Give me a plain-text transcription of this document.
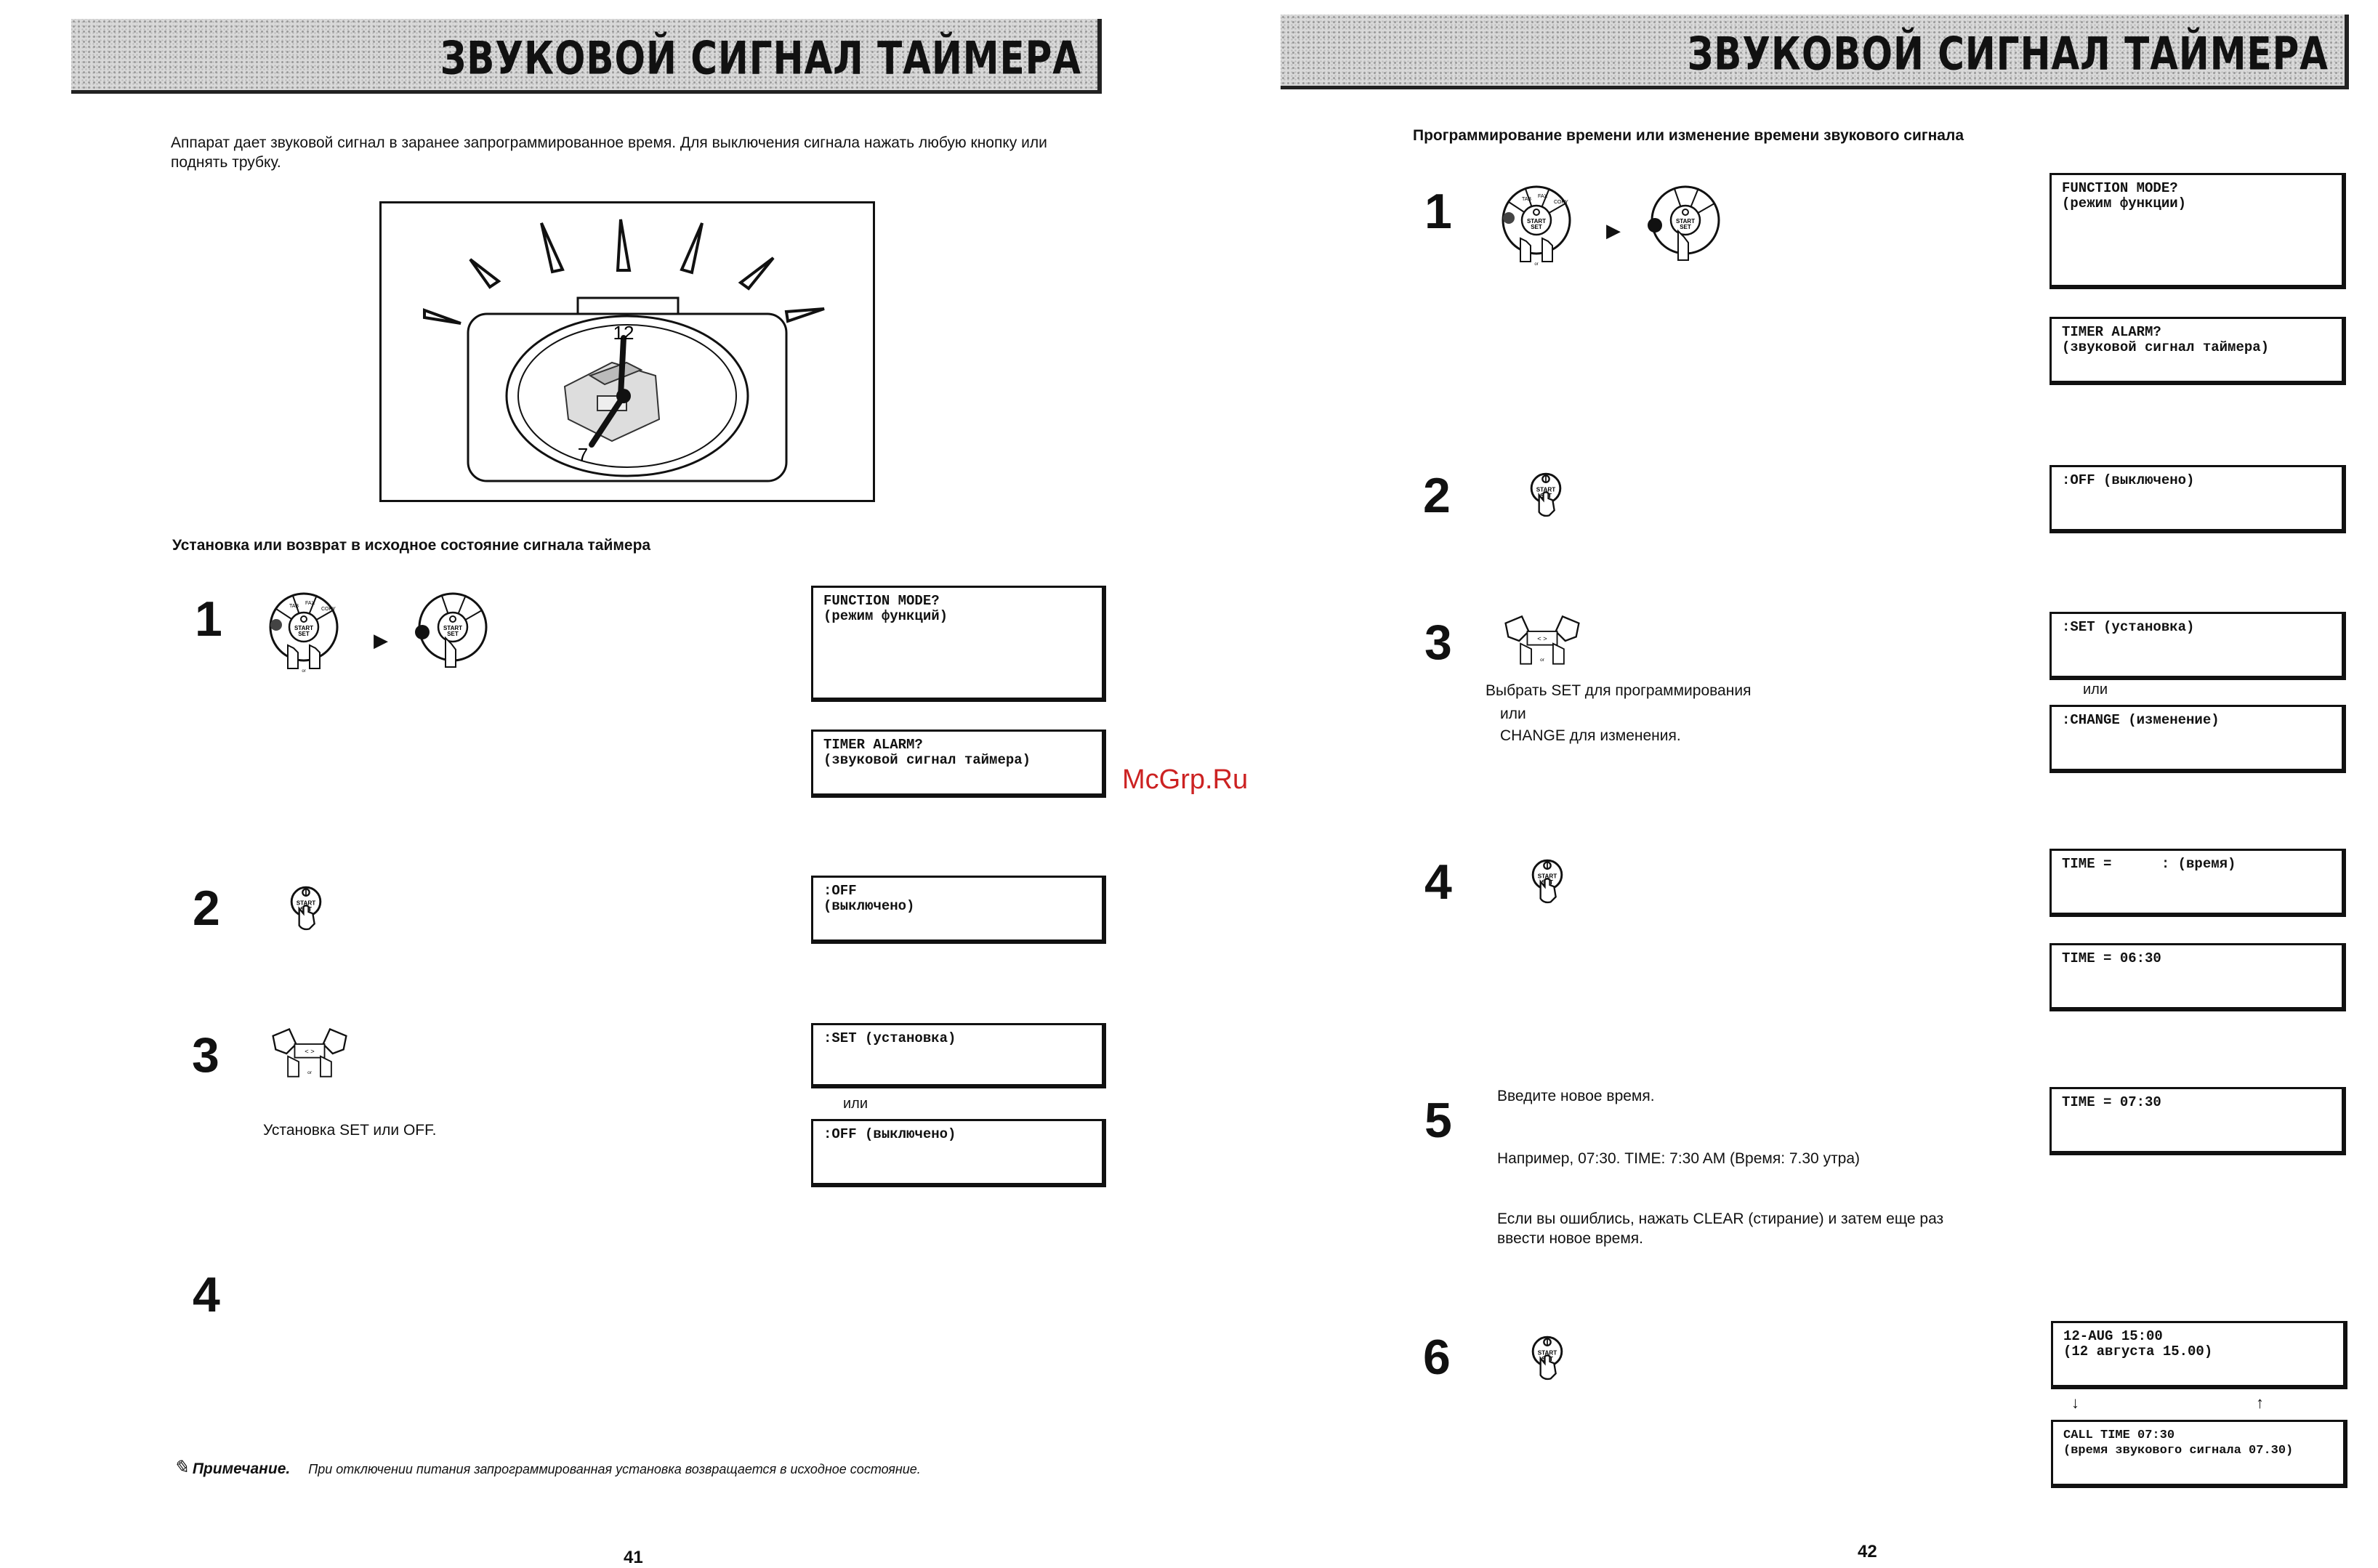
ЗВУКОВОЙ СИГНАЛ ТАЙМЕРА
Аппарат дает звуковой сигнал в заранее запрограммированное время. Для выключения сигнала нажать любую кнопку или поднять трубку.
12
7
Установка или возврат в исходное состояние сигнала таймера
1	▶
FUNCTION MODE?
(режим функций)
TIMER ALARM?
(звуковой сигнал таймера)
2	:OFF
(выключено)
3	:SET (установка)
или
:OFF (выключено)
Установка SET или OFF.
4
✎ Примечание. При отключении питания запрограммированная установка возвращается в исходное состояние.
41
ЗВУКОВОЙ СИГНАЛ ТАЙМЕРА
Программирование времени или изменение времени звукового сигнала
1	▶
FUNCTION MODE?
(режим функции)
TIMER ALARM?
(звуковой сигнал таймера)
2	:OFF (выключено)
3	:SET (установка)
или
:CHANGE (изменение)
Выбрать SET для программирования
или
CHANGE для изменения.
4	TIME =      : (время)
TIME = 06:30
5	TIME = 07:30
Введите новое время.
Например, 07:30. TIME: 7:30 AM (Время: 7.30 утра)
Если вы ошиблись, нажать CLEAR (стирание) и затем еще раз ввести новое время.
6	12-AUG 15:00
(12 августа 15.00)
↓	↑
CALL TIME 07:30
(время звукового сигнала 07.30)
42
McGrp.Ru
